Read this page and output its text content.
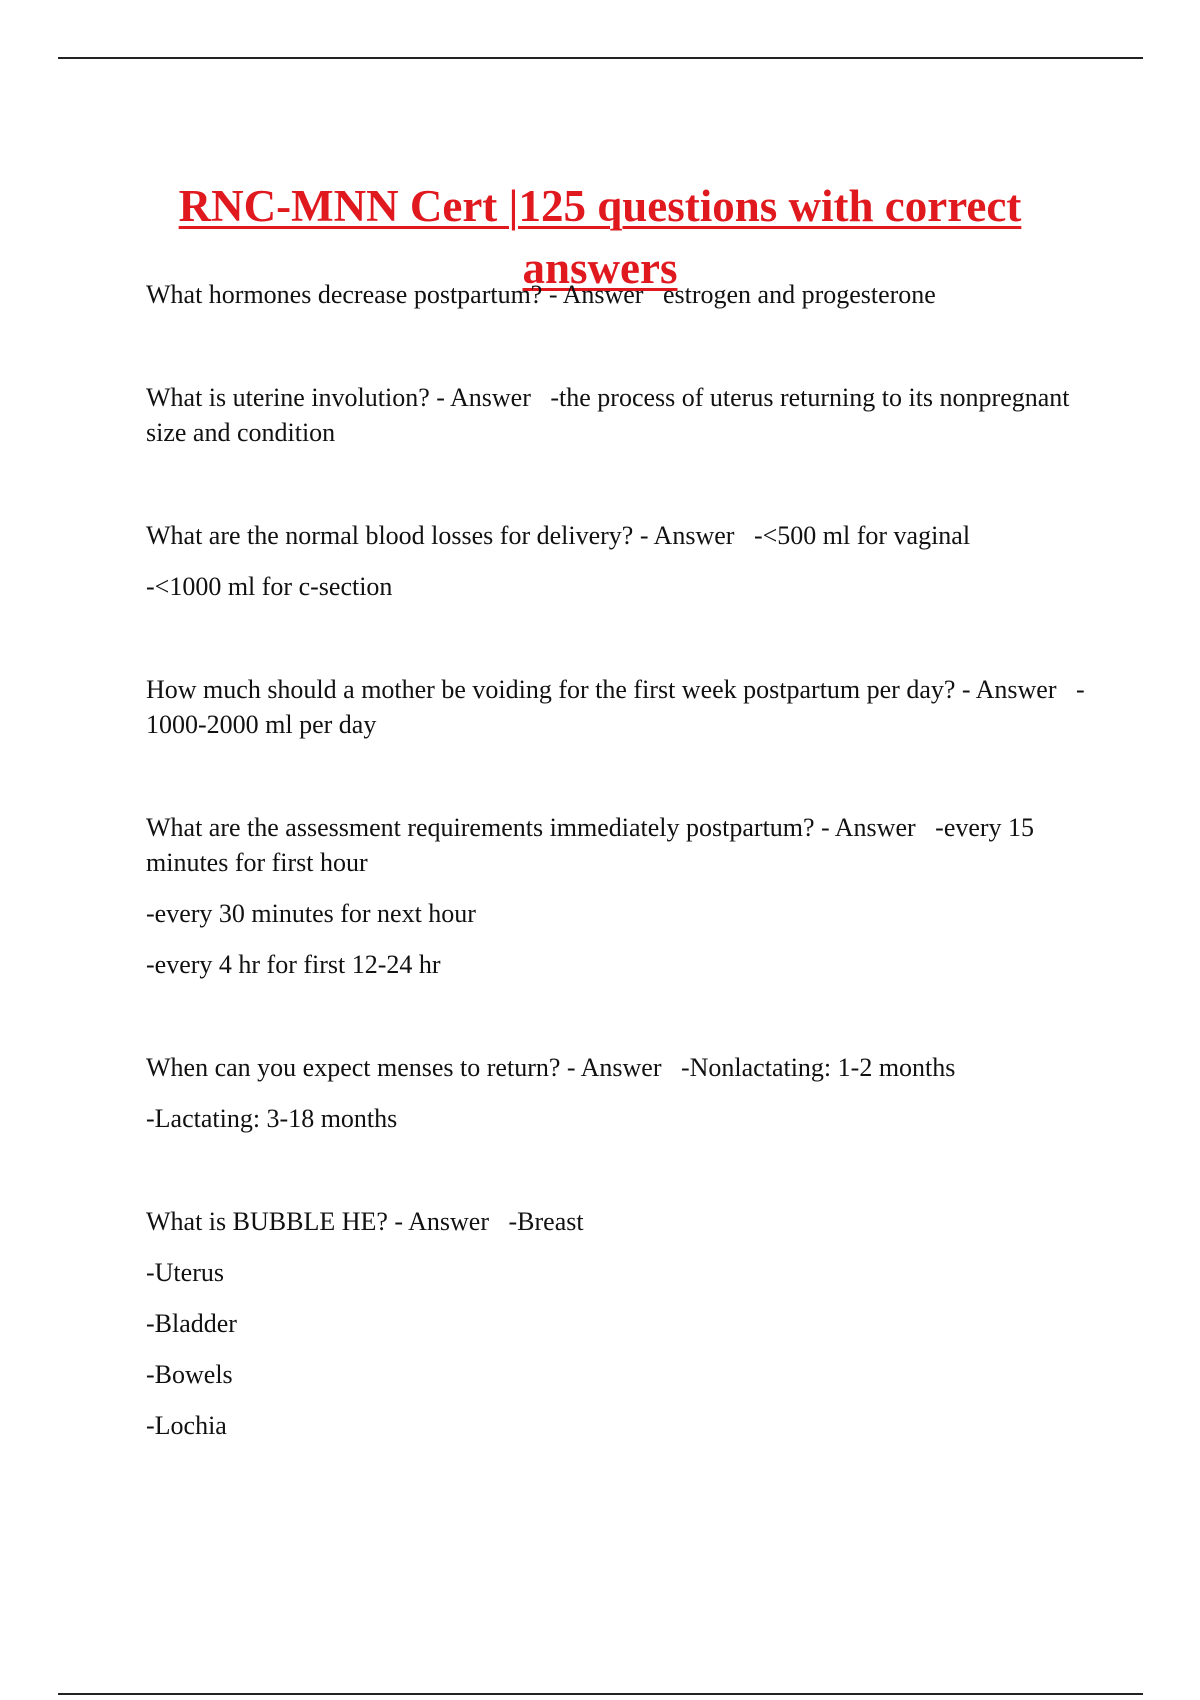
RNC-MNN Cert |125 questions with correct
answers

What hormones decrease postpartum? - Answer estrogen and progesterone

What is uterine involution? - Answer -the process of uterus returning to its nonpregnant size and condition

What are the normal blood losses for delivery? - Answer -<500 ml for vaginal

-<1000 ml for c-section

How much should a mother be voiding for the first week postpartum per day? - Answer - 1000-2000 ml per day

What are the assessment requirements immediately postpartum? - Answer -every 15 minutes for first hour

-every 30 minutes for next hour

-every 4 hr for first 12-24 hr

When can you expect menses to return? - Answer -Nonlactating: 1-2 months

-Lactating: 3-18 months

What is BUBBLE HE? - Answer -Breast

-Uterus

-Bladder

-Bowels

-Lochia
